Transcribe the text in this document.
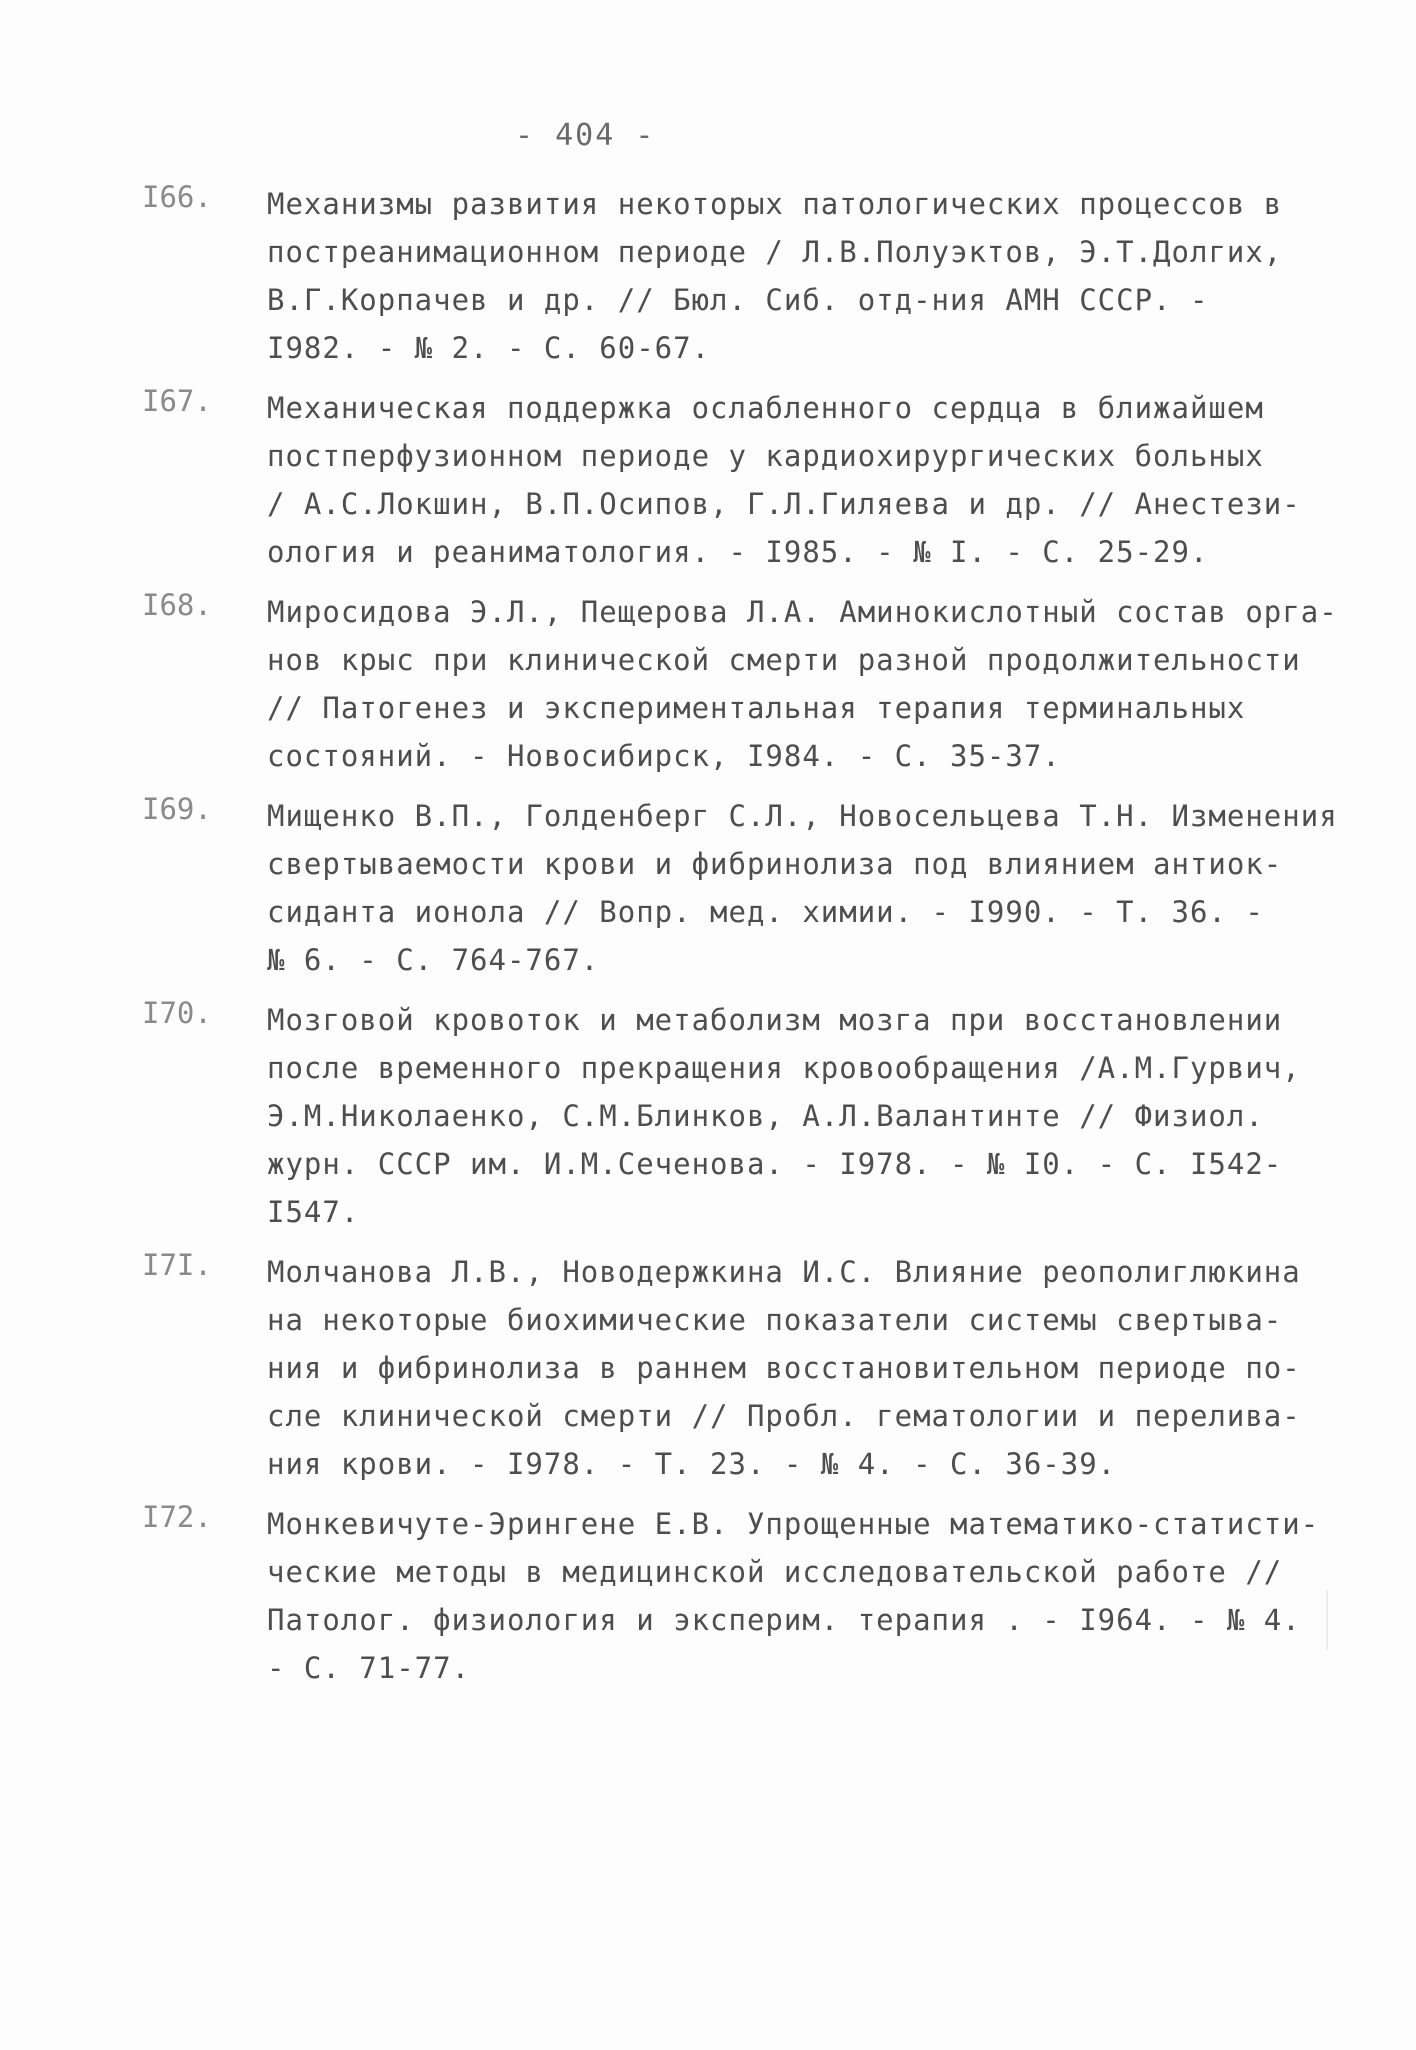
- 404 -
I66. Механизмы развития некоторых патологических процессов в
постреанимационном периоде / Л.В.Полуэктов, Э.Т.Долгих,
В.Г.Корпачев и др. // Бюл. Сиб. отд-ния АМН СССР. -
I982. - № 2. - С. 60-67.
I67. Механическая поддержка ослабленного сердца в ближайшем
постперфузионном периоде у кардиохирургических больных
/ А.С.Локшин, В.П.Осипов, Г.Л.Гиляева и др. // Анестези-
ология и реаниматология. - I985. - № I. - С. 25-29.
I68. Миросидова Э.Л., Пещерова Л.А. Аминокислотный состав орга-
нов крыс при клинической смерти разной продолжительности
// Патогенез и экспериментальная терапия терминальных
состояний. - Новосибирск, I984. - С. 35-37.
I69. Мищенко В.П., Голденберг С.Л., Новосельцева Т.Н. Изменения
свертываемости крови и фибринолиза под влиянием антиок-
сиданта ионола // Вопр. мед. химии. - I990. - Т. 36. -
№ 6. - С. 764-767.
I70. Мозговой кровоток и метаболизм мозга при восстановлении
после временного прекращения кровообращения /А.М.Гурвич,
Э.М.Николаенко, С.М.Блинков, А.Л.Валантинте // Физиол.
журн. СССР им. И.М.Сеченова. - I978. - № I0. - С. I542-
I547.
I7I. Молчанова Л.В., Новодержкина И.С. Влияние реополиглюкина
на некоторые биохимические показатели системы свертыва-
ния и фибринолиза в раннем восстановительном периоде по-
сле клинической смерти // Пробл. гематологии и перелива-
ния крови. - I978. - Т. 23. - № 4. - С. 36-39.
I72. Монкевичуте-Эрингене Е.В. Упрощенные математико-статисти-
ческие методы в медицинской исследовательской работе //
Патолог. физиология и эксперим. терапия . - I964. - № 4.
- С. 71-77.
